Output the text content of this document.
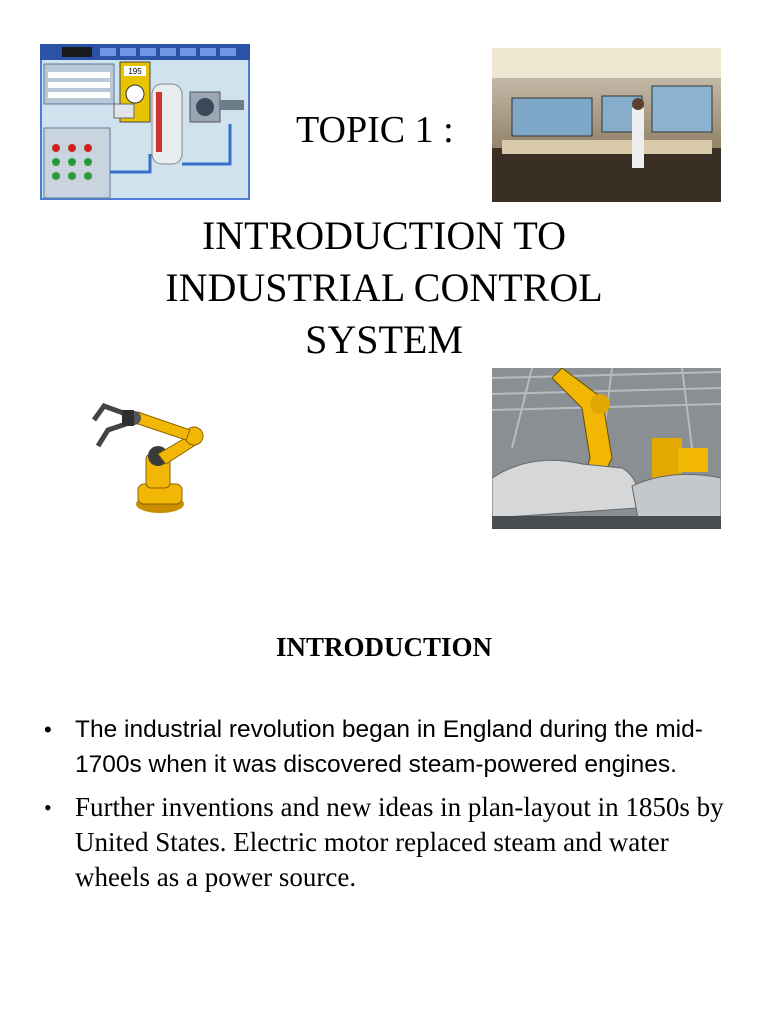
195
TOPIC 1 :
INTRODUCTION TO
INDUSTRIAL CONTROL
SYSTEM
INTRODUCTION
• The industrial revolution began in England during the mid-1700s when it was discovered steam-powered engines.
• Further inventions and new ideas in plan-layout in 1850s by United States. Electric motor replaced steam and water wheels as a power source.
